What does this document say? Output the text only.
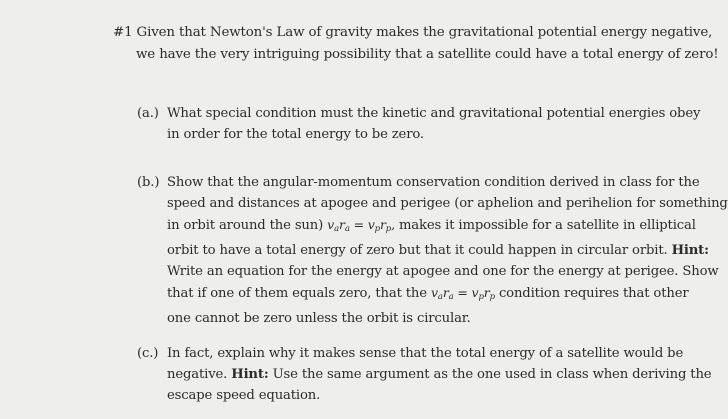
#1 Given that Newton's Law of gravity makes the gravitational potential energy negative,
we have the very intriguing possibility that a satellite could have a total energy of zero!
(a.) What special condition must the kinetic and gravitational potential energies obey
in order for the total energy to be zero.
(b.) Show that the angular-momentum conservation condition derived in class for the
speed and distances at apogee and perigee (or aphelion and perihelion for something
in orbit around the sun) $v_ar_a = v_pr_p$, makes it impossible for a satellite in elliptical
orbit to have a total energy of zero but that it could happen in circular orbit. Hint:
Write an equation for the energy at apogee and one for the energy at perigee. Show
that if one of them equals zero, that the $v_ar_a = v_pr_p$ condition requires that other
one cannot be zero unless the orbit is circular.
(c.) In fact, explain why it makes sense that the total energy of a satellite would be
negative. Hint: Use the same argument as the one used in class when deriving the
escape speed equation.
